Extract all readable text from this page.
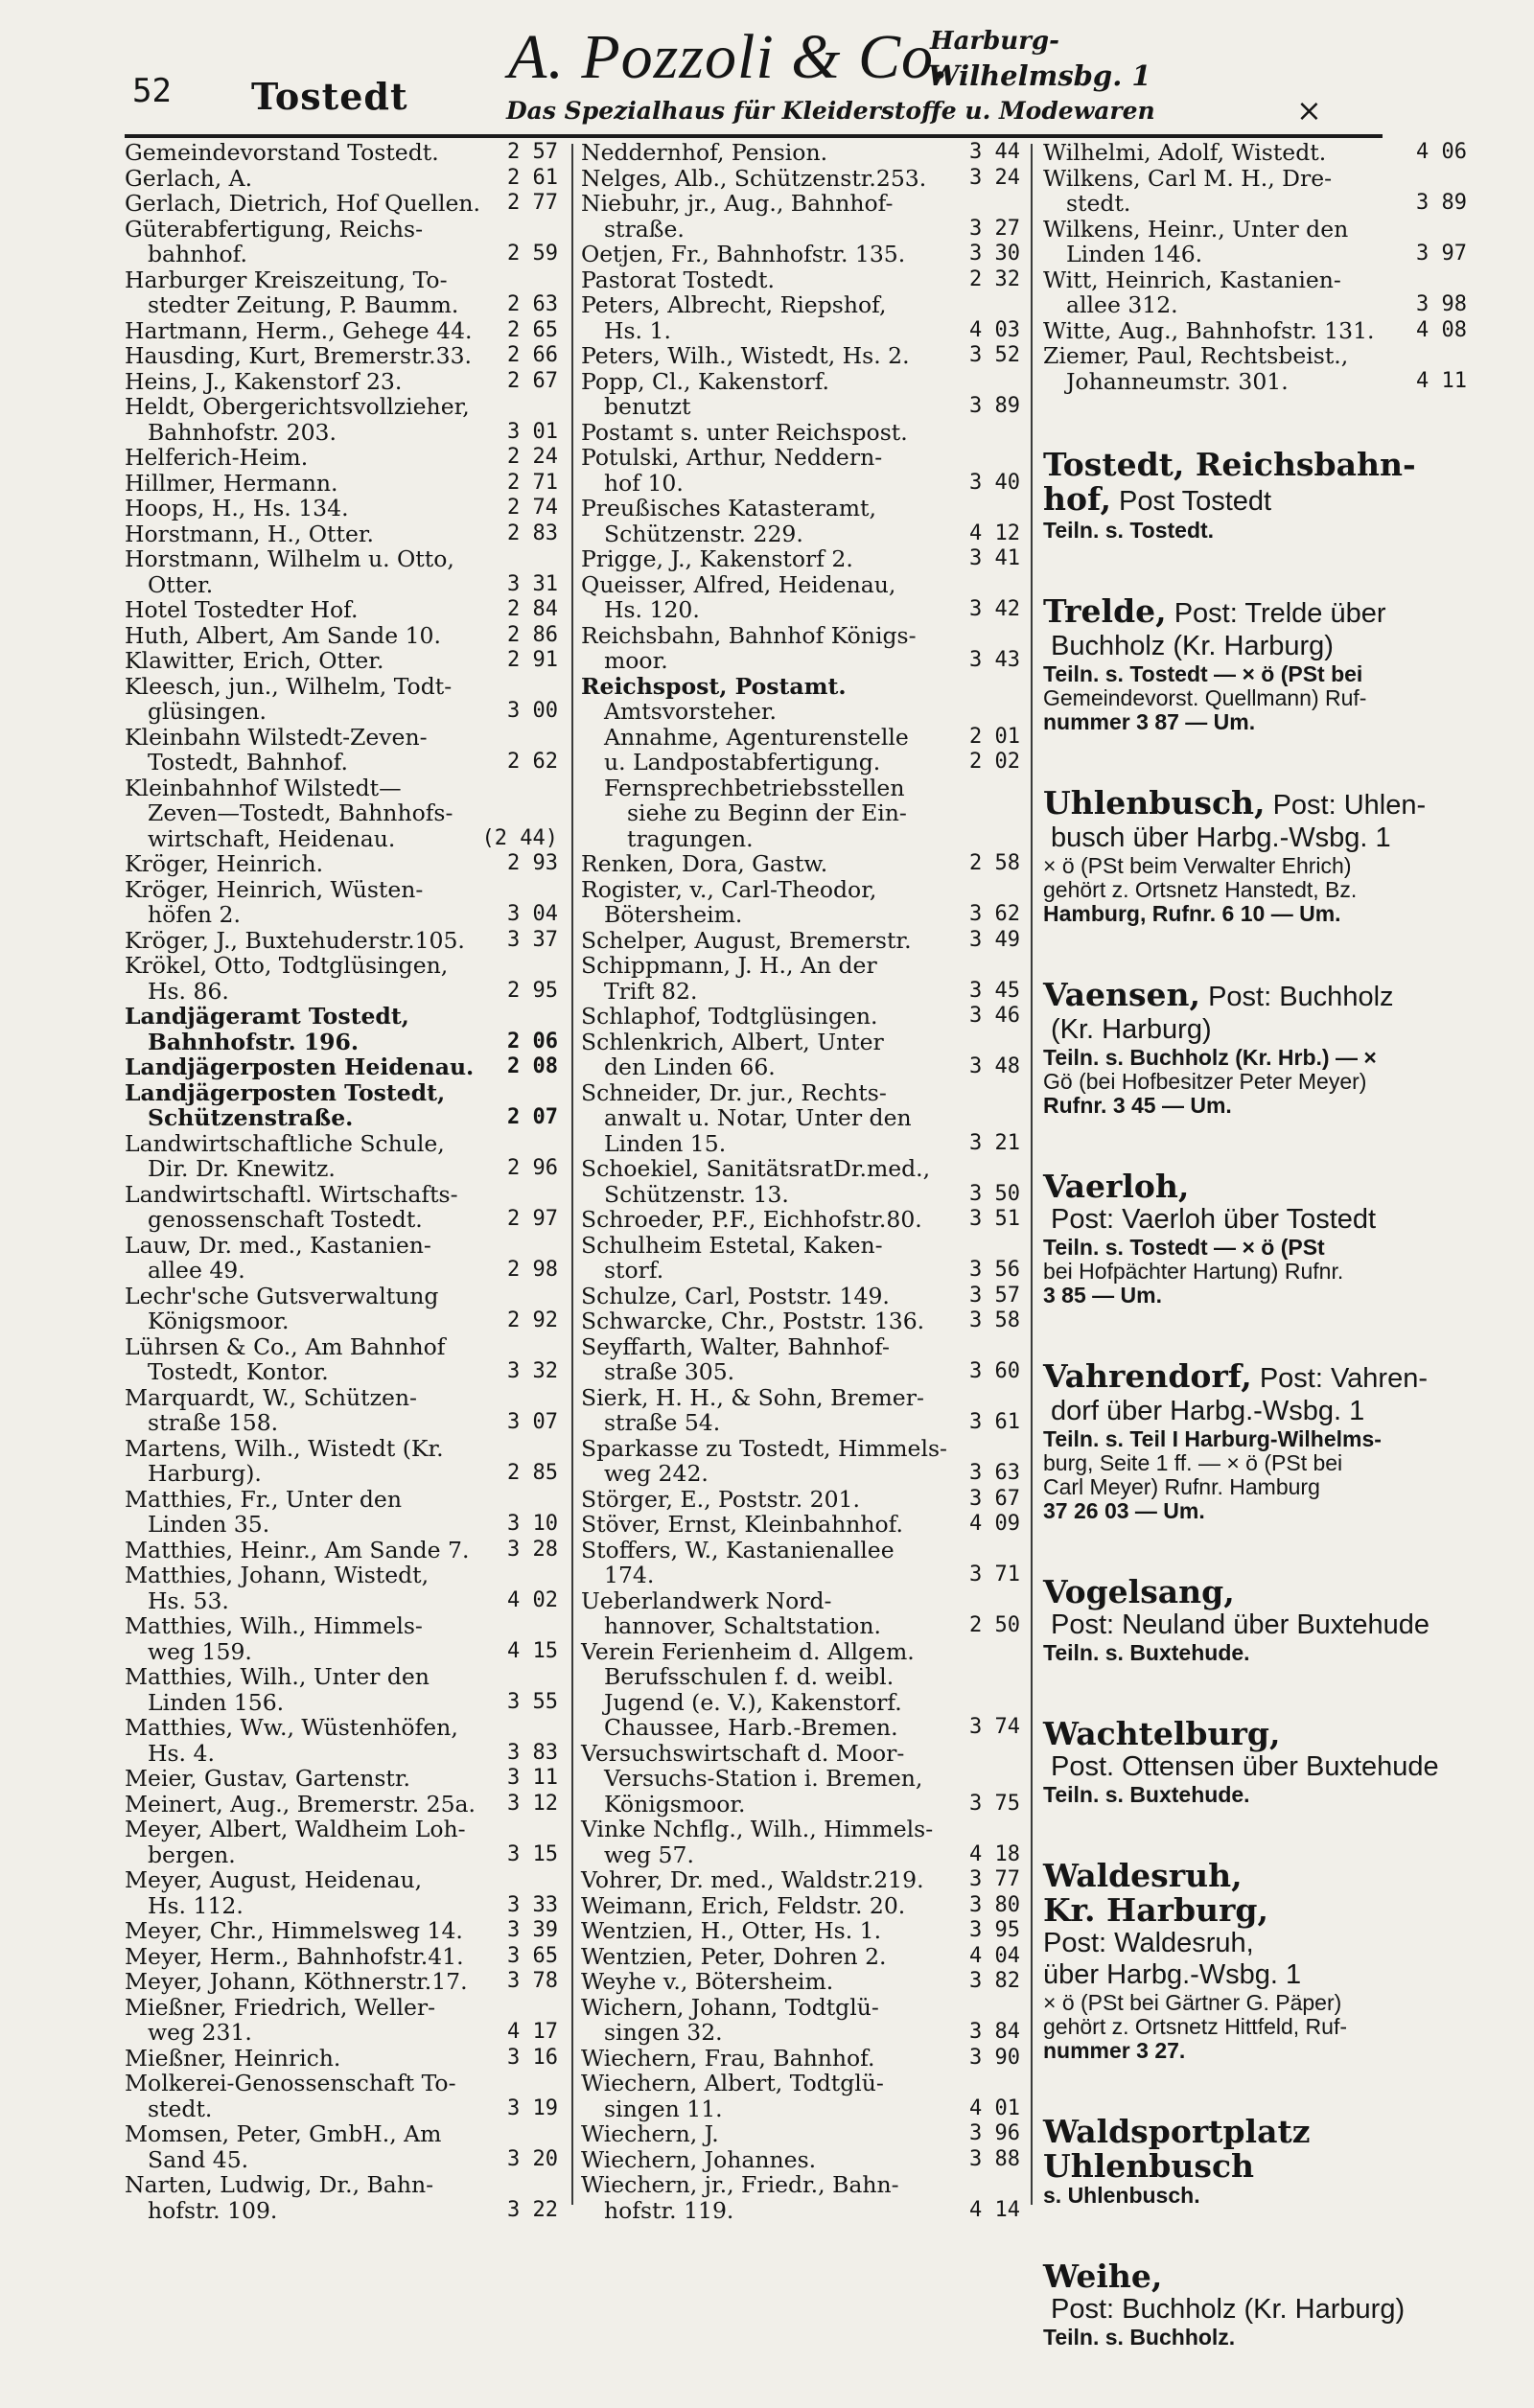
52 Tostedt
A. Pozzoli & Co.
Harburg-
Wilhelmsbg. 1
Das Spezialhaus für Kleiderstoffe u. Modewaren	×
Gemeindevorstand Tostedt.	2 57
Gerlach, A.	2 61
Gerlach, Dietrich, Hof Quellen.	2 77
Güterabfertigung, Reichs-
bahnhof.	2 59
Harburger Kreiszeitung, To-
stedter Zeitung, P. Baumm.	2 63
Hartmann, Herm., Gehege 44.	2 65
Hausding, Kurt, Bremerstr.33.	2 66
Heins, J., Kakenstorf 23.	2 67
Heldt, Obergerichtsvollzieher,
Bahnhofstr. 203.	3 01
Helferich-Heim.	2 24
Hillmer, Hermann.	2 71
Hoops, H., Hs. 134.	2 74
Horstmann, H., Otter.	2 83
Horstmann, Wilhelm u. Otto,
Otter.	3 31
Hotel Tostedter Hof.	2 84
Huth, Albert, Am Sande 10.	2 86
Klawitter, Erich, Otter.	2 91
Kleesch, jun., Wilhelm, Todt-
glüsingen.	3 00
Kleinbahn Wilstedt-Zeven-
Tostedt, Bahnhof.	2 62
Kleinbahnhof Wilstedt—
Zeven—Tostedt, Bahnhofs-
wirtschaft, Heidenau.	(2 44)
Kröger, Heinrich.	2 93
Kröger, Heinrich, Wüsten-
höfen 2.	3 04
Kröger, J., Buxtehuderstr.105.	3 37
Krökel, Otto, Todtglüsingen,
Hs. 86.	2 95
Landjägeramt Tostedt,
Bahnhofstr. 196.	2 06
Landjägerposten Heidenau.	2 08
Landjägerposten Tostedt,
Schützenstraße.	2 07
Landwirtschaftliche Schule,
Dir. Dr. Knewitz.	2 96
Landwirtschaftl. Wirtschafts-
genossenschaft Tostedt.	2 97
Lauw, Dr. med., Kastanien-
allee 49.	2 98
Lechr'sche Gutsverwaltung
Königsmoor.	2 92
Lührsen & Co., Am Bahnhof
Tostedt, Kontor.	3 32
Marquardt, W., Schützen-
straße 158.	3 07
Martens, Wilh., Wistedt (Kr.
Harburg).	2 85
Matthies, Fr., Unter den
Linden 35.	3 10
Matthies, Heinr., Am Sande 7.	3 28
Matthies, Johann, Wistedt,
Hs. 53.	4 02
Matthies, Wilh., Himmels-
weg 159.	4 15
Matthies, Wilh., Unter den
Linden 156.	3 55
Matthies, Ww., Wüstenhöfen,
Hs. 4.	3 83
Meier, Gustav, Gartenstr.	3 11
Meinert, Aug., Bremerstr. 25a.	3 12
Meyer, Albert, Waldheim Loh-
bergen.	3 15
Meyer, August, Heidenau,
Hs. 112.	3 33
Meyer, Chr., Himmelsweg 14.	3 39
Meyer, Herm., Bahnhofstr.41.	3 65
Meyer, Johann, Köthnerstr.17.	3 78
Mießner, Friedrich, Weller-
weg 231.	4 17
Mießner, Heinrich.	3 16
Molkerei-Genossenschaft To-
stedt.	3 19
Momsen, Peter, GmbH., Am
Sand 45.	3 20
Narten, Ludwig, Dr., Bahn-
hofstr. 109.	3 22
Neddernhof, Pension.	3 44
Nelges, Alb., Schützenstr.253.	3 24
Niebuhr, jr., Aug., Bahnhof-
straße.	3 27
Oetjen, Fr., Bahnhofstr. 135.	3 30
Pastorat Tostedt.	2 32
Peters, Albrecht, Riepshof,
Hs. 1.	4 03
Peters, Wilh., Wistedt, Hs. 2.	3 52
Popp, Cl., Kakenstorf.
benutzt	3 89
Postamt s. unter Reichspost.
Potulski, Arthur, Neddern-
hof 10.	3 40
Preußisches Katasteramt,
Schützenstr. 229.	4 12
Prigge, J., Kakenstorf 2.	3 41
Queisser, Alfred, Heidenau,
Hs. 120.	3 42
Reichsbahn, Bahnhof Königs-
moor.	3 43
Reichspost, Postamt.
Amtsvorsteher.
Annahme, Agenturenstelle	2 01
u. Landpostabfertigung.	2 02
Fernsprechbetriebsstellen
siehe zu Beginn der Ein-
tragungen.
Renken, Dora, Gastw.	2 58
Rogister, v., Carl-Theodor,
Bötersheim.	3 62
Schelper, August, Bremerstr.	3 49
Schippmann, J. H., An der
Trift 82.	3 45
Schlaphof, Todtglüsingen.	3 46
Schlenkrich, Albert, Unter
den Linden 66.	3 48
Schneider, Dr. jur., Rechts-
anwalt u. Notar, Unter den
Linden 15.	3 21
Schoekiel, SanitätsratDr.med.,
Schützenstr. 13.	3 50
Schroeder, P.F., Eichhofstr.80.	3 51
Schulheim Estetal, Kaken-
storf.	3 56
Schulze, Carl, Poststr. 149.	3 57
Schwarcke, Chr., Poststr. 136.	3 58
Seyffarth, Walter, Bahnhof-
straße 305.	3 60
Sierk, H. H., & Sohn, Bremer-
straße 54.	3 61
Sparkasse zu Tostedt, Himmels-
weg 242.	3 63
Störger, E., Poststr. 201.	3 67
Stöver, Ernst, Kleinbahnhof.	4 09
Stoffers, W., Kastanienallee
174.	3 71
Ueberlandwerk Nord-
hannover, Schaltstation.	2 50
Verein Ferienheim d. Allgem.
Berufsschulen f. d. weibl.
Jugend (e. V.), Kakenstorf.
Chaussee, Harb.-Bremen.	3 74
Versuchswirtschaft d. Moor-
Versuchs-Station i. Bremen,
Königsmoor.	3 75
Vinke Nchflg., Wilh., Himmels-
weg 57.	4 18
Vohrer, Dr. med., Waldstr.219.	3 77
Weimann, Erich, Feldstr. 20.	3 80
Wentzien, H., Otter, Hs. 1.	3 95
Wentzien, Peter, Dohren 2.	4 04
Weyhe v., Bötersheim.	3 82
Wichern, Johann, Todtglü-
singen 32.	3 84
Wiechern, Frau, Bahnhof.	3 90
Wiechern, Albert, Todtglü-
singen 11.	4 01
Wiechern, J.	3 96
Wiechern, Johannes.	3 88
Wiechern, jr., Friedr., Bahn-
hofstr. 119.	4 14
Wilhelmi, Adolf, Wistedt.	4 06
Wilkens, Carl M. H., Dre-
stedt.	3 89
Wilkens, Heinr., Unter den
Linden 146.	3 97
Witt, Heinrich, Kastanien-
allee 312.	3 98
Witte, Aug., Bahnhofstr. 131.	4 08
Ziemer, Paul, Rechtsbeist.,
Johanneumstr. 301.	4 11
Tostedt, Reichsbahn-
hof, Post Tostedt
Teiln. s. Tostedt.
Trelde, Post: Trelde über
Buchholz (Kr. Harburg)
Teiln. s. Tostedt — × ö (PSt bei
Gemeindevorst. Quellmann) Ruf-
nummer 3 87 — Um.
Uhlenbusch, Post: Uhlen-
busch über Harbg.-Wsbg. 1
× ö (PSt beim Verwalter Ehrich)
gehört z. Ortsnetz Hanstedt, Bz.
Hamburg, Rufnr. 6 10 — Um.
Vaensen, Post: Buchholz
(Kr. Harburg)
Teiln. s. Buchholz (Kr. Hrb.) — ×
Gö (bei Hofbesitzer Peter Meyer)
Rufnr. 3 45 — Um.
Vaerloh,
Post: Vaerloh über Tostedt
Teiln. s. Tostedt — × ö (PSt
bei Hofpächter Hartung) Rufnr.
3 85 — Um.
Vahrendorf, Post: Vahren-
dorf über Harbg.-Wsbg. 1
Teiln. s. Teil I Harburg-Wilhelms-
burg, Seite 1 ff. — × ö (PSt bei
Carl Meyer) Rufnr. Hamburg
37 26 03 — Um.
Vogelsang,
Post: Neuland über Buxtehude
Teiln. s. Buxtehude.
Wachtelburg,
Post. Ottensen über Buxtehude
Teiln. s. Buxtehude.
Waldesruh,
Kr. Harburg,
Post: Waldesruh,
über Harbg.-Wsbg. 1
× ö (PSt bei Gärtner G. Päper)
gehört z. Ortsnetz Hittfeld, Ruf-
nummer 3 27.
Waldsportplatz
Uhlenbusch
s. Uhlenbusch.
Weihe,
Post: Buchholz (Kr. Harburg)
Teiln. s. Buchholz.
